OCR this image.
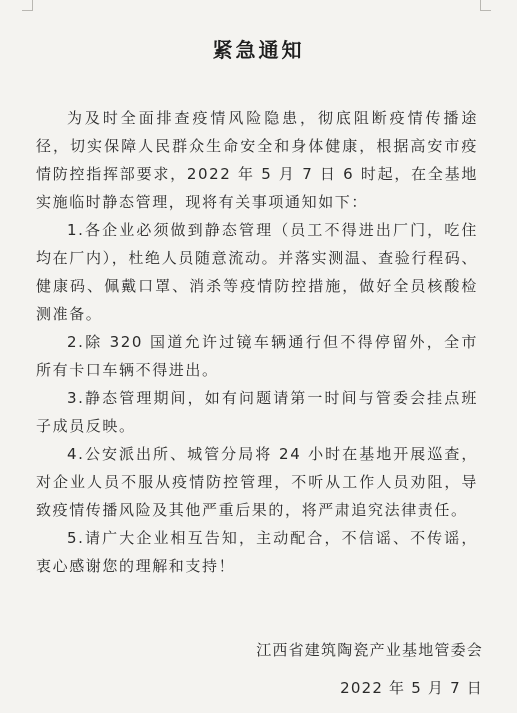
紧急通知

为及时全面排查疫情风险隐患，彻底阻断疫情传播途径，切实保障人民群众生命安全和身体健康，根据高安市疫情防控指挥部要求，2022 年 5 月 7 日 6 时起，在全基地实施临时静态管理，现将有关事项通知如下：

1.各企业必须做到静态管理（员工不得进出厂门，吃住均在厂内），杜绝人员随意流动。并落实测温、查验行程码、健康码、佩戴口罩、消杀等疫情防控措施，做好全员核酸检测准备。

2.除 320 国道允许过镜车辆通行但不得停留外，全市所有卡口车辆不得进出。

3.静态管理期间，如有问题请第一时间与管委会挂点班子成员反映。

4.公安派出所、城管分局将 24 小时在基地开展巡查，对企业人员不服从疫情防控管理，不听从工作人员劝阻，导致疫情传播风险及其他严重后果的，将严肃追究法律责任。

5.请广大企业相互告知，主动配合，不信谣、不传谣，衷心感谢您的理解和支持！

江西省建筑陶瓷产业基地管委会
2022 年 5 月 7 日
